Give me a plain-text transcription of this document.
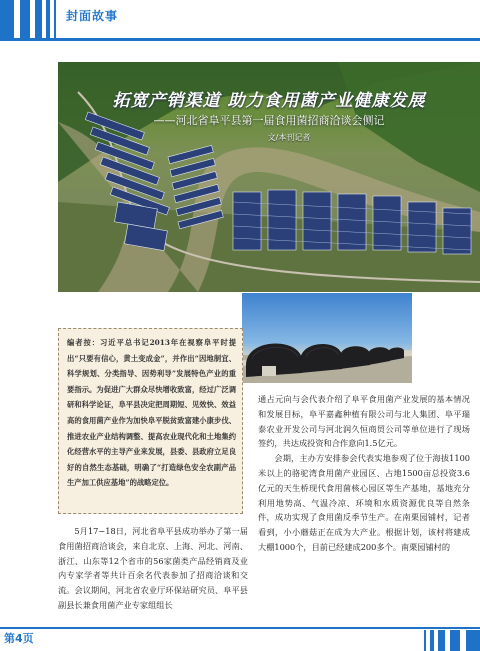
封面故事
拓宽产销渠道 助力食用菌产业健康发展
——河北省阜平县第一届食用菌招商洽谈会侧记
文/本刊记者
编者按：习近平总书记2013年在视察阜平时提出“只要有信心，黄土变成金”，并作出“因地制宜、科学规划、分类指导、因势利导”发展特色产业的重要指示。为促进广大群众尽快增收致富，经过广泛调研和科学论证，阜平县决定把周期短、见效快、效益高的食用菌产业作为加快阜平脱贫致富建小康步伐、推进农业产业结构调整、提高农业现代化和土地集约化经营水平的主导产业来发展，县委、县政府立足良好的自然生态基础，明确了“打造绿色安全农副产品生产加工供应基地”的战略定位。

通占元向与会代表介绍了阜平食用菌产业发展的基本情况和发展目标，阜平嘉鑫种植有限公司与北人集团、阜平瑞泰农业开发公司与河北润久恒商贸公司等单位进行了现场签约，共达成投资和合作意向1.5亿元。

会期，主办方安排参会代表实地参观了位于海拔1100米以上的骆驼湾食用菌产业园区、占地1500亩总投资3.6亿元的天生桥现代食用菌核心园区等生产基地，基地充分利用地势高、气温冷凉、环境和水质资源优良等自然条件，成功实现了食用菌反季节生产。在南栗园铺村，记者看到，小小蘑菇正在成为大产业。根据计划，该村将建成大棚1000个，目前已经建成200多个。南栗园铺村的

5月17−18日，河北省阜平县成功举办了第一届食用菌招商洽谈会，来自北京、上海、河北、河南、浙江、山东等12个省市的56家菌类产品经销商及业内专家学者等共计百余名代表参加了招商洽谈和交流。会议期间，河北省农业厅环保站研究员、阜平县副县长兼食用菌产业专家组组长

第4页
